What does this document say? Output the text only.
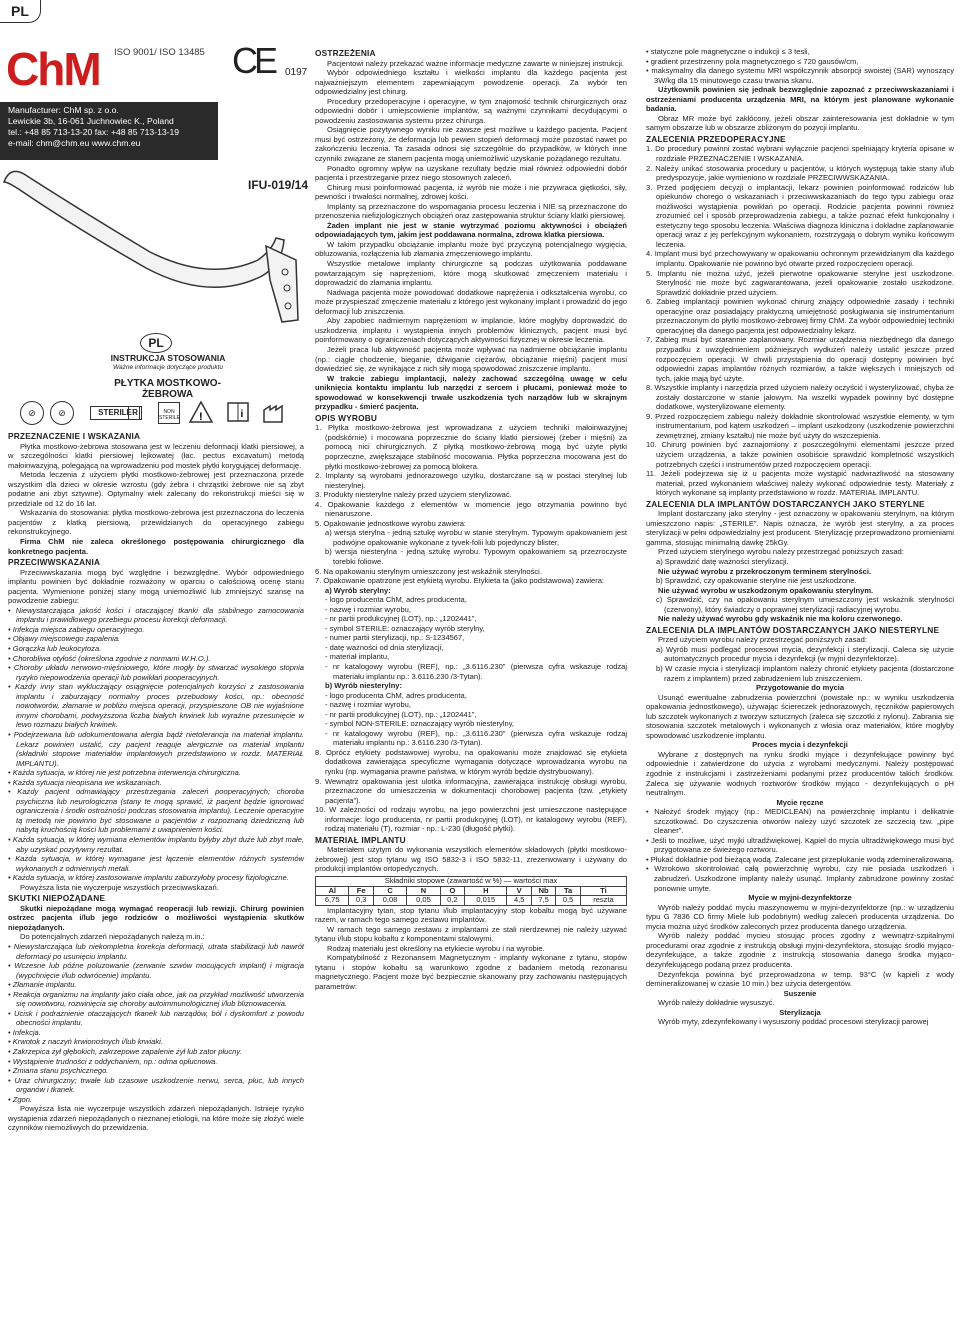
PL
ChM ISO 9001/ ISO 13485 CE 0197
Manufacturer: ChM sp. z o.o.
Lewickie 3b, 16-061 Juchnowiec K., Poland
tel.: +48 85 713-13-20 fax: +48 85 713-13-19
e-mail: chm@chm.eu www.chm.eu
IFU-019/14
PL
INSTRUKCJA STOSOWANIA
Ważne informacje dotyczące produktu
PŁYTKA MOSTKOWO-ŻEBROWA
⊘	⊘	STERILE R	NON STERILE !	i

PRZEZNACZENIE I WSKAZANIA

Płytka mostkowo-żebrowa stosowana jest w leczeniu deformacji klatki piersiowej, a w szczególności klatki piersiowej lejkowatej (łac. pectus excavatum) metodą małoinwazyjną, polegającą na wprowadzeniu pod mostek płytki korygującej deformację.

Metoda leczenia z użyciem płytki mostkowo-żebrowej jest przeznaczona przede wszystkim dla dzieci w okresie wzrostu (gdy żebra i chrząstki żebrowe nie są zbyt podatne ani zbyt sztywne). Optymalny wiek zalecany do rekonstrukcji mieści się w przedziale od 12 do 16 lat.

Wskazania do stosowania: płytka mostkowo-żebrowa jest przeznaczona do leczenia pacjentów z klatką piersiową, przewidzianych do operacyjnego zabiegu rekonstrukcyjnego.

Firma ChM nie zaleca określonego postępowania chirurgicznego dla konkretnego pacjenta.

PRZECIWWSKAZANIA

Przeciwwskazania mogą być względne i bezwzględne. Wybór odpowiedniego implantu powinien być dokładnie rozważony w oparciu o całościową ocenę stanu pacjenta. Wymienione poniżej stany mogą uniemożliwić lub zmniejszyć szansę na powodzenie zabiegu:

• Niewystarczająca jakość kości i otaczającej tkanki dla stabilnego zamocowania implantu i prawidłowego przebiegu procesu korekcji deformacji.

• Infekcja miejsca zabiegu operacyjnego.

• Objawy miejscowego zapalenia.

• Gorączka lub leukocytoza.

• Chorobliwa otyłość (określona zgodnie z normami W.H.O.).

• Choroby układu nerwowo-mięśniowego, które mogły by stwarzać wysokiego stopnia ryzyko niepowodzenia operacji lub powikłań pooperacyjnych.

• Każdy inny stan wykluczający osiągnięcie potencjalnych korzyści z zastosowania implantu i zaburzający normalny proces przebudowy kości, np.: obecność nowotworów, złamanie w pobliżu miejsca operacji, przyspieszone OB nie wyjaśnione innymi chorobami, podwyższona liczba białych krwinek lub wyraźne przesunięcie w lewo rozmazu białych krwinek.

• Podejrzewana lub udokumentowana alergia bądź nietolerancja na materiał implantu. Lekarz powinien ustalić, czy pacjent reaguje alergicznie na materiał implantu (składniki stopowe materiałów implantowych przedstawiono w rozdz. MATERIAŁ IMPLANTU).

• Każda sytuacja, w której nie jest potrzebna interwencja chirurgiczna.

• Każda sytuacja nieopisana we wskazaniach.

• Każdy pacjent odmawiający przestrzegania zaleceń pooperacyjnych; choroba psychiczna lub neurologiczna (stany te mogą sprawić, iż pacjent będzie ignorować ograniczenia i środki ostrożności podczas stosowania implantu). Leczenie operacyjne tą metodą nie powinno być stosowane u pacjentów z rozpoznaną dziedziczną lub nabytą kruchością kości lub problemami z uwapnieniem kości.

• Każda sytuacja, w której wymiana elementów implantu byłyby zbyt duże lub zbyt małe, aby uzyskać pozytywny rezultat.

• Każda sytuacja, w której wymagane jest łączenie elementów różnych systemów wykonanych z odmiennych metali.

• Każda sytuacja, w której zastosowanie implantu zaburzyłoby procesy fizjologiczne.

Powyższa lista nie wyczerpuje wszystkich przeciwwskazań.

SKUTKI NIEPOŻĄDANE

Skutki niepożądane mogą wymagać reoperacji lub rewizji. Chirurg powinien ostrzec pacjenta i/lub jego rodziców o możliwości wystąpienia skutków niepożądanych.

Do potencjalnych zdarzeń niepożądanych należą m.in.:

• Niewystarczająca lub niekompletna korekcja deformacji, utrata stabilizacji lub nawrót deformacji po usunięciu implantu.

• Wczesne lub późne poluzowanie (zerwanie szwów mocujących implant) i migracja (wypchnięcie i/lub odwrócenie) implantu.

• Złamanie implantu.

• Reakcja organizmu na implanty jako ciała obce, jak na przykład możliwość utworzenia się nowotworu, rozwinięcia się choroby autoimmunologicznej i/lub bliznowacenia.

• Ucisk i podrażnienie otaczających tkanek lub narządów, ból i dyskomfort z powodu obecności implantu.

• Infekcja.

• Krwotok z naczyń krwionośnych i/lub krwiaki.

• Zakrzepica żył głębokich, zakrzepowe zapalenie żył lub zator płucny.

• Wystąpienie trudności z oddychaniem, np.: odma opłucnowa.

• Zmiana stanu psychicznego.

• Uraz chirurgiczny; trwałe lub czasowe uszkodzenie nerwu, serca, płuc, lub innych organów i tkanek.

• Zgon.

Powyższa lista nie wyczerpuje wszystkich zdarzeń niepożądanych. Istnieje ryzyko wystąpienia zdarzeń niepożądanych o nieznanej etiologii, na które może się złożyć wiele czynników niemożliwych do przewidzenia.

OSTRZEŻENIA

Pacjentowi należy przekazać ważne informacje medyczne zawarte w niniejszej instrukcji.

Wybór odpowiedniego kształtu i wielkości implantu dla każdego pacjenta jest najważniejszym elementem zapewniającym powodzenie operacji. Za wybór ten odpowiedzialny jest chirurg.

Procedury przedoperacyjne i operacyjne, w tym znajomość technik chirurgicznych oraz odpowiedni dobór i umiejscowienie implantów, są ważnymi czynnikami decydującymi o powodzeniu zastosowania systemu przez chirurga.

Osiągnięcie pozytywnego wyniku nie zawsze jest możliwe u każdego pacjenta. Pacjent musi być ostrzeżony, że deformacja lub pewien stopień deformacji może pozostać nawet po zakończeniu leczenia. Ta zasada odnosi się szczególnie do przypadków, w których inne czynniki związane ze stanem pacjenta mogą uniemożliwić uzyskanie pożądanego rezultatu.

Ponadto ogromny wpływ na uzyskane rezultaty będzie miał również odpowiedni dobór pacjenta i przestrzeganie przez niego stosownych zaleceń.

Chirurg musi poinformować pacjenta, iż wyrób nie może i nie przywraca giętkości, siły, pewności i trwałości normalnej, zdrowej kości.

Implanty są przeznaczone do wspomagania procesu leczenia i NIE są przeznaczone do przenoszenia niefizjologicznych obciążeń oraz zastępowania struktur ściany klatki piersiowej.

Żaden implant nie jest w stanie wytrzymać poziomu aktywności i obciążeń odpowiadających tym, jakim jest poddawana normalna, zdrowa klatka piersiowa.

W takim przypadku obciążanie implantu może być przyczyną potencjalnego wygięcia, obluzowania, rozłączenia lub złamania zmęczeniowego implantu.

Wszystkie metalowe implanty chirurgiczne są podczas użytkowania poddawane powtarzającym się naprężeniom, które mogą skutkować zmęczeniem materiału i doprowadzić do złamania implantu.

Nadwaga pacjenta może powodować dodatkowe naprężenia i odkształcenia wyrobu, co może przyspieszać zmęczenie materiału z którego jest wykonany implant i prowadzić do jego deformacji lub zniszczenia.

Aby zapobiec nadmiernym naprężeniom w implancie, które mogłyby doprowadzić do uszkodzenia implantu i wystąpienia innych problemów klinicznych, pacjent musi być poinformowany o ograniczeniach dotyczących aktywności fizycznej w okresie leczenia.

Jeżeli praca lub aktywność pacjenta może wpływać na nadmierne obciążanie implantu (np.: ciągłe chodzenie, bieganie, dźwiganie ciężarów, obciążanie mięśni) pacjent musi dowiedzieć się, że wynikające z nich siły mogą spowodować zniszczenie implantu.

W trakcie zabiegu implantacji, należy zachować szczególną uwagę w celu uniknięcia kontaktu implantu lub narzędzi z sercem i płucami, ponieważ może to spowodować w konsekwencji trwałe uszkodzenia tych narządów lub w skrajnym przypadku - śmierć pacjenta.

OPIS WYROBU

1. Płytka mostkowo-żebrowa jest wprowadzana z użyciem techniki małoinwazyjnej (podskórnie) i mocowana poprzecznie do ściany klatki piersiowej (żeber i mięśni) za pomocą nici chirurgicznych. Z płytką mostkowo-żebrową mogą być użyte płytki poprzeczne, zwiększające stabilność mocowania. Płytka poprzeczna mocowana jest do płytki mostkowo-żebrowej za pomocą blokera.

2. Implanty są wyrobami jednorazowego użytku, dostarczane są w postaci sterylnej lub niesterylnej.

3. Produkty niesterylne należy przed użyciem sterylizować.

4. Opakowanie każdego z elementów w momencie jego otrzymania powinno być nienaruszone.

5. Opakowanie jednostkowe wyrobu zawiera:

a) wersja sterylna - jedną sztukę wyrobu w stanie sterylnym. Typowym opakowaniem jest podwójne opakowanie wykonane z tyvek-folii lub pojedynczy blister,

b) wersja niesterylna - jedną sztukę wyrobu. Typowym opakowaniem są przezroczyste torebki foliowe.

6. Na opakowaniu sterylnym umieszczony jest wskaźnik sterylności.

7. Opakowanie opatrzone jest etykietą wyrobu. Etykieta ta (jako podstawowa) zawiera:

a) Wyrób sterylny:

- logo producenta ChM, adres producenta,

- nazwę i rozmiar wyrobu,

- nr partii produkcyjnej (LOT), np.: „1202441”,

- symbol STERILE: oznaczający wyrób sterylny,

- numer partii sterylizacji, np.: S-1234567,

- datę ważności od dnia sterylizacji,

- materiał implantu,

- nr katalogowy wyrobu (REF), np.: „3.6116.230” (pierwsza cyfra wskazuje rodzaj materiału implantu np.: 3.6116.230 /3-Tytan).

b) Wyrób niesterylny:

- logo producenta ChM, adres producenta,

- nazwę i rozmiar wyrobu,

- nr partii produkcyjnej (LOT), np.: „1202441”,

- symbol NON-STERILE: oznaczający wyrób niesterylny,

- nr katalogowy wyrobu (REF), np.: „3.6116.230” (pierwsza cyfra wskazuje rodzaj materiału implantu np.: 3.6116.230 /3-Tytan).

8. Oprócz etykiety podstawowej wyrobu, na opakowaniu może znajdować się etykieta dodatkowa zawierająca specyficzne wymagania dotyczące wprowadzania wyrobu na rynku (np. wymagania prawne państwa, w którym wyrób będzie dystrybuowany).

9. Wewnątrz opakowania jest ulotka informacyjna, zawierająca instrukcję obsługi wyrobu, przeznaczone do umieszczenia w dokumentacji chorobowej pacjenta (tzw. „etykiety pacjenta”).

10. W zależności od rodzaju wyrobu, na jego powierzchni jest umieszczone następujące informacje: logo producenta, nr partii produkcyjnej (LOT), nr katalogowy wyrobu (REF), rodzaj materiału (T), rozmiar - np.: L-230 (długość płytki).

MATERIAŁ IMPLANTU

Materiałem użytym do wykonania wszystkich elementów składowych (płytki mostkowo-żebrowej) jest stop tytanu wg ISO 5832-3 i ISO 5832-11, zrezerwowany i używany do produkcji implantów ortopedycznych.

Składniki stopowe (zawartość w %) — wartości max									
Al	Fe	C	N	O	H	V	Nb	Ta	Ti
6,75	0,3	0,08	0,05	0,2	0,015	4,5	7,5	0,5	reszta

Implantacyjny tytan, stop tytanu i/lub implantacyjny stop kobaltu mogą być używane razem, w ramach tego samego zestawu implantów.

W ramach tego samego zestawu z implantami ze stali nierdzewnej nie należy używać tytanu i/lub stopu kobaltu z komponentami stalowymi.

Rodzaj materiału jest określony na etykiecie wyrobu i na wyrobie.

Kompatybilność z Rezonansem Magnetycznym - implanty wykonane z tytanu, stopów tytanu i stopów kobaltu są warunkowo zgodne z badaniem metodą rezonansu magnetycznego. Pacjent może być bezpiecznie skanowany przy zachowaniu następujących parametrów:

• statyczne pole magnetyczne o indukcji ≤ 3 tesli,

• gradient przestrzenny pola magnetycznego ≤ 720 gausów/cm,

• maksymalny dla danego systemu MRI współczynnik absorpcji swoistej (SAR) wynoszący 3W/kg dla 15 minutowego czasu trwania skanu.

Użytkownik powinien się jednak bezwzględnie zapoznać z przeciwwskazaniami i ostrzeżeniami producenta urządzenia MRI, na którym jest planowane wykonanie badania.

Obraz MR może być zakłócony, jeżeli obszar zainteresowania jest dokładnie w tym samym obszarze lub w obszarze zbliżonym do pozycji implantu.

ZALECENIA PRZEDOPERACYJNE

1. Do procedury powinni zostać wybrani wyłącznie pacjenci spełniający kryteria opisane w rozdziale PRZEZNACZENIE I WSKAZANIA.

2. Należy unikać stosowania procedury u pacjentów, u których występują takie stany i/lub predyspozycje, jakie wymieniono w rozdziale PRZECIWWSKAZANIA.

3. Przed podjęciem decyzji o implantacji, lekarz powinien poinformować rodziców lub opiekunów chorego o wskazaniach i przeciwwskazaniach do tego typu zabiegu oraz możliwości wystąpienia powikłań po operacji. Rodzicie pacjenta powinni również zrozumieć cel i sposób przeprowadzenia zabiegu, a także poznać efekt funkcjonalny i estetyczny tego sposobu leczenia. Właściwa diagnoza kliniczna i dokładne zaplanowanie operacji wraz z jej perfekcyjnym wykonaniem, rozstrzygają o dobrym wyniku końcowym leczenia.

4. Implant musi być przechowywany w opakowaniu ochronnym przewidzianym dla każdego implantu. Opakowanie nie powinno być otwarte przed rozpoczęciem operacji.

5. Implantu nie można użyć, jeżeli pierwotne opakowanie sterylne jest uszkodzone. Sterylność nie może być zagwarantowana, jeżeli opakowanie zostało uszkodzone. Sprawdzić dokładnie przed użyciem.

6. Zabieg implantacji powinien wykonać chirurg znający odpowiednie zasady i techniki operacyjne oraz posiadający praktyczną umiejętność posługiwania się instrumentarium przeznaczonym do płytki mostkowo-żebrowej firmy ChM. Za wybór odpowiedniej techniki operacyjnej dla danego pacjenta jest odpowiedzialny lekarz.

7. Zabieg musi być starannie zaplanowany. Rozmiar urządzenia niezbędnego dla danego przypadku z uwzględnieniem późniejszych wydłużeń należy ustalić jeszcze przed rozpoczęciem operacji. W chwili przystąpienia do operacji dostępny powinien być odpowiedni zapas implantów różnych rozmiarów, a także większych i mniejszych od tych, jakie mają być użyte.

8. Wszystkie implanty i narzędzia przed użyciem należy oczyścić i wysterylizować, chyba że zostały dostarczone w stanie jałowym. Na wszelki wypadek powinny być dostępne dodatkowe, wysterylizowane elementy.

9. Przed rozpoczęciem zabiegu należy dokładnie skontrolować wszystkie elementy, w tym instrumentarium, pod kątem uszkodzeń – implant uszkodzony (uszkodzenie powierzchni zewnętrznej, zmiany kształtu) nie może być użyty do wszczepienia.

10. Chirurg powinien być zaznajomiony z poszczególnymi elementami jeszcze przed użyciem urządzenia, a także powinien osobiście sprawdzić kompletność wszystkich potrzebnych części i instrumentów przed rozpoczęciem operacji.

11. Jeżeli podejrzewa się iż u pacjenta może wystąpić nadwrażliwość na stosowany materiał, przed wykonaniem właściwej należy wykonać odpowiednie testy. Materiały z których wykonane są implanty przedstawiono w rozdz. MATERIAŁ IMPLANTU.

ZALECENIA DLA IMPLANTÓW DOSTARCZANYCH JAKO STERYLNE

Implant dostarczany jako sterylny - jest oznaczony w opakowaniu sterylnym, na którym umieszczono napis: „STERILE”. Napis oznacza, że wyrób jest sterylny, a za proces sterylizacji w pełni odpowiedzialny jest producent. Sterylizację przeprowadzono promieniami gamma, stosując minimalną dawkę 25kGy.

Przed użyciem sterylnego wyrobu należy przestrzegać poniższych zasad:

a) Sprawdzić datę ważności sterylizacji.

Nie używać wyrobu z przekroczonym terminem sterylności.

b) Sprawdzić, czy opakowanie sterylne nie jest uszkodzone.

Nie używać wyrobu w uszkodzonym opakowaniu sterylnym.

c) Sprawdzić, czy na opakowaniu sterylnym umieszczony jest wskaźnik sterylności (czerwony), który świadczy o poprawnej sterylizacji radiacyjnej wyrobu.

Nie należy używać wyrobu gdy wskaźnik nie ma koloru czerwonego.

ZALECENIA DLA IMPLANTÓW DOSTARCZANYCH JAKO NIESTERYLNE

Przed użyciem wyrobu należy przestrzegać poniższych zasad:

a) Wyrób musi podlegać procesowi mycia, dezynfekcji i sterylizacji. Caleca się użycie automatycznych procedur mycia i dezynfekcji (w myjni dezynfektorze).

b) W czasie mycia i sterylizacji implantom należy chronić etykiety pacjenta (dostarczone razem z implantem) przed zabrudzeniem lub zniszczeniem.

Przygotowanie do mycia

Usunąć ewentualne zabrudzenia powierzchni (powstałe np.: w wyniku uszkodzenia opakowania jednostkowego), używając ściereczek jednorazowych, ręczników papierowych lub szczotek wykonanych z tworzyw sztucznych (zaleca się szczotki z nylonu). Zabrania się stosowania szczotek metalowych i wykonanych z włosia oraz materiałów, które mogłyby spowodować uszkodzenie implantu.

Proces mycia i dezynfekcji

Wybrane z dostępnych na rynku środki myjące i dezynfekujące powinny być odpowiednie i zatwierdzone do użycia z wyrobami medycznymi. Należy postępować zgodnie z instrukcjami i zastrzeżeniami podanymi przez producentów takich środków. Zaleca się używanie wodnych roztworów środków myjąco - dezynfekujących o pH neutralnym.

Mycie ręczne

• Nałożyć środek myjący (np.: MEDICLEAN) na powierzchnię implantu i delikatnie szczotkować. Do czyszczenia otworów należy użyć szczotek ze szczecią tzw. „pipe cleaner”.

• Jeśli to możliwe, użyć myjki ultradźwiękowej. Kąpiel do mycia ultradźwiękowego musi być przygotowana ze świeżego roztworu.

• Płukać dokładnie pod bieżącą wodą. Zalecane jest przepłukanie wodą zdemineralizowaną.

• Wzrokowo skontrolować całą powierzchnię wyrobu, czy nie posiada uszkodzeń i zabrudzeń. Uszkodzone implanty należy usunąć. Implanty zabrudzone powinny zostać ponownie umyte.

Mycie w myjni-dezynfektorze

Wyrób należy poddać myciu maszynowemu w myjni-dezynfektorze (np.: w urządzeniu typu G 7836 CD firmy Miele lub podobnym) według zaleceń producenta urządzenia. Do mycia można użyć środków zaleconych przez producenta danego urządzenia.

Wyrób należy poddać mycieu stosując proces zgodny z wewnątrz-szpitalnymi procedurami oraz zgodnie z instrukcją obsługi myjni-dezynfektora, stosując środki myjąco-dezynfekujące, a także zgodnie z instrukcją stosowania danego środka myjąco-dezynfekującego podaną przez producenta.

Dezynfekcja powinna być przeprowadzona w temp. 93°C (w kąpieli z wody demineralizowanej w czasie 10 min.) bez użycia detergentów.

Suszenie

Wyrób należy dokładnie wysuszyć.

Sterylizacja

Wyrób myty, zdezynfekowany i wysuszony poddać procesowi sterylizacji parowej
